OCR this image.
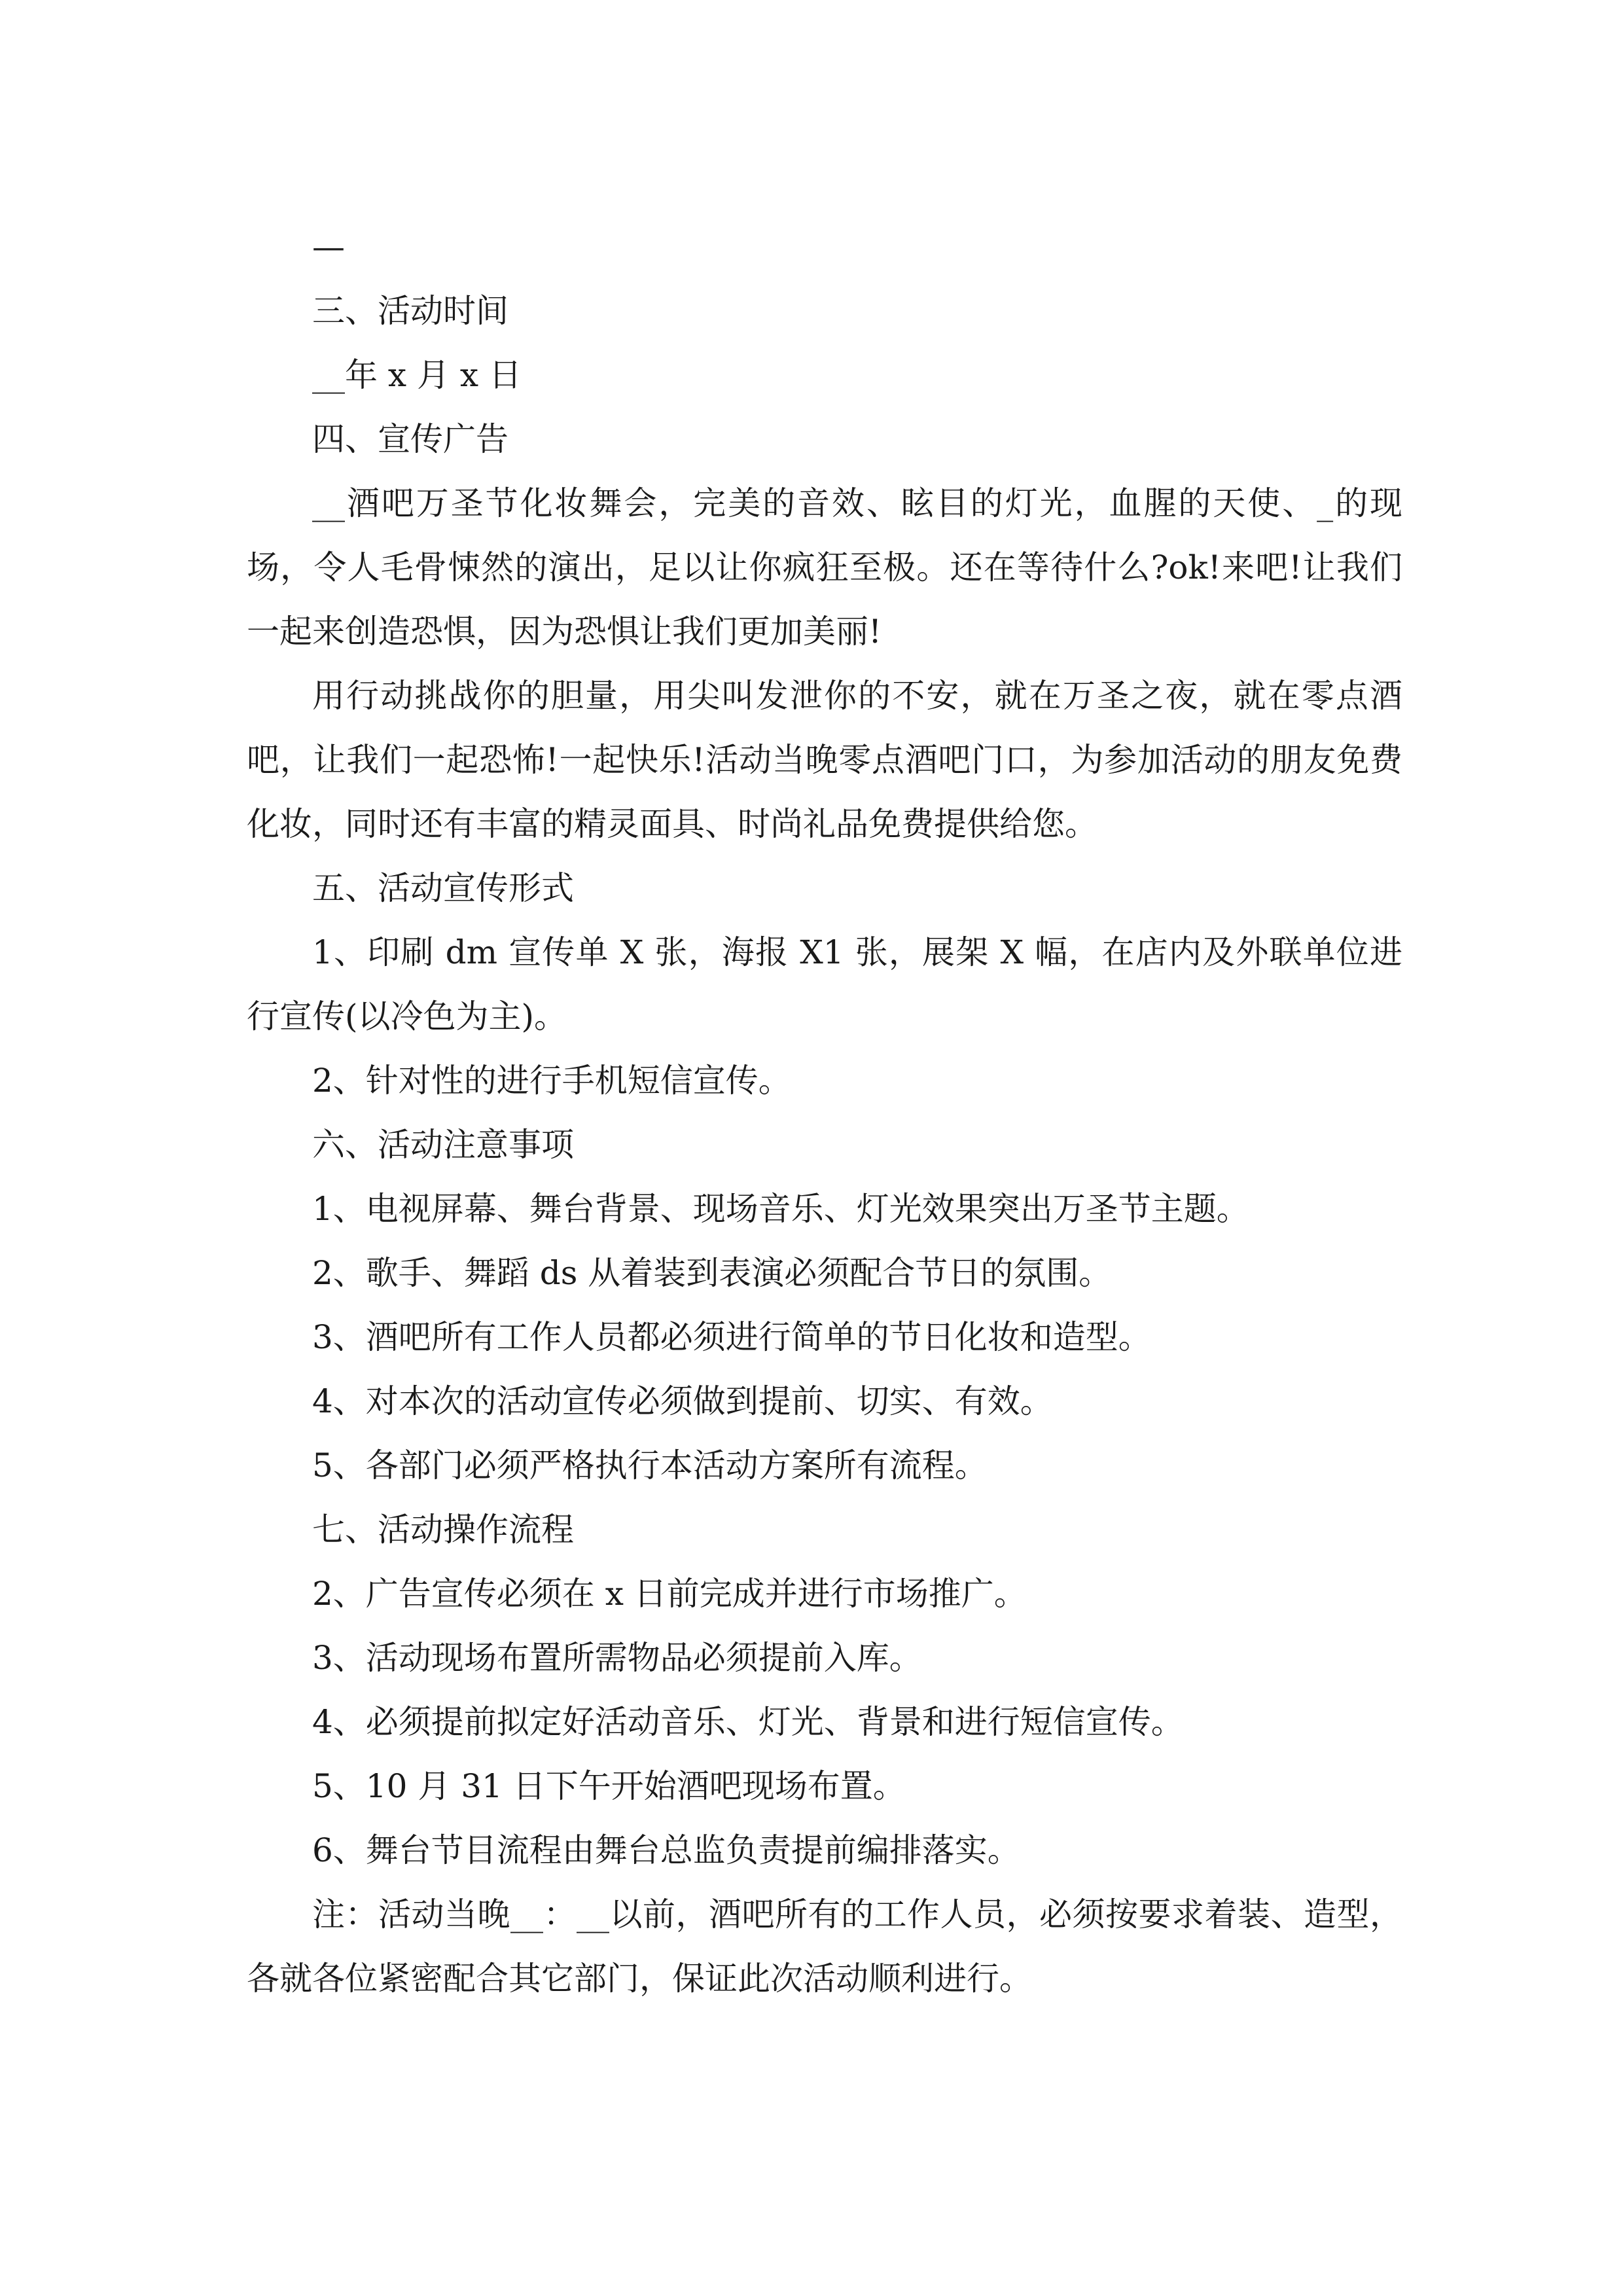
—

三、活动时间

__年 x 月 x 日

四、宣传广告

__酒吧万圣节化妆舞会，完美的音效、眩目的灯光，血腥的天使、_的现场，令人毛骨悚然的演出，足以让你疯狂至极。还在等待什么?ok!来吧!让我们一起来创造恐惧，因为恐惧让我们更加美丽!

用行动挑战你的胆量，用尖叫发泄你的不安，就在万圣之夜，就在零点酒吧，让我们一起恐怖!一起快乐!活动当晚零点酒吧门口，为参加活动的朋友免费化妆，同时还有丰富的精灵面具、时尚礼品免费提供给您。

五、活动宣传形式

1、印刷 dm 宣传单 X 张，海报 X1 张，展架 X 幅，在店内及外联单位进行宣传(以冷色为主)。

2、针对性的进行手机短信宣传。

六、活动注意事项

1、电视屏幕、舞台背景、现场音乐、灯光效果突出万圣节主题。

2、歌手、舞蹈 ds 从着装到表演必须配合节日的氛围。

3、酒吧所有工作人员都必须进行简单的节日化妆和造型。

4、对本次的活动宣传必须做到提前、切实、有效。

5、各部门必须严格执行本活动方案所有流程。

七、活动操作流程

2、广告宣传必须在 x 日前完成并进行市场推广。

3、活动现场布置所需物品必须提前入库。

4、必须提前拟定好活动音乐、灯光、背景和进行短信宣传。

5、10 月 31 日下午开始酒吧现场布置。

6、舞台节目流程由舞台总监负责提前编排落实。

注：活动当晚__：__以前，酒吧所有的工作人员，必须按要求着装、造型，各就各位紧密配合其它部门，保证此次活动顺利进行。
